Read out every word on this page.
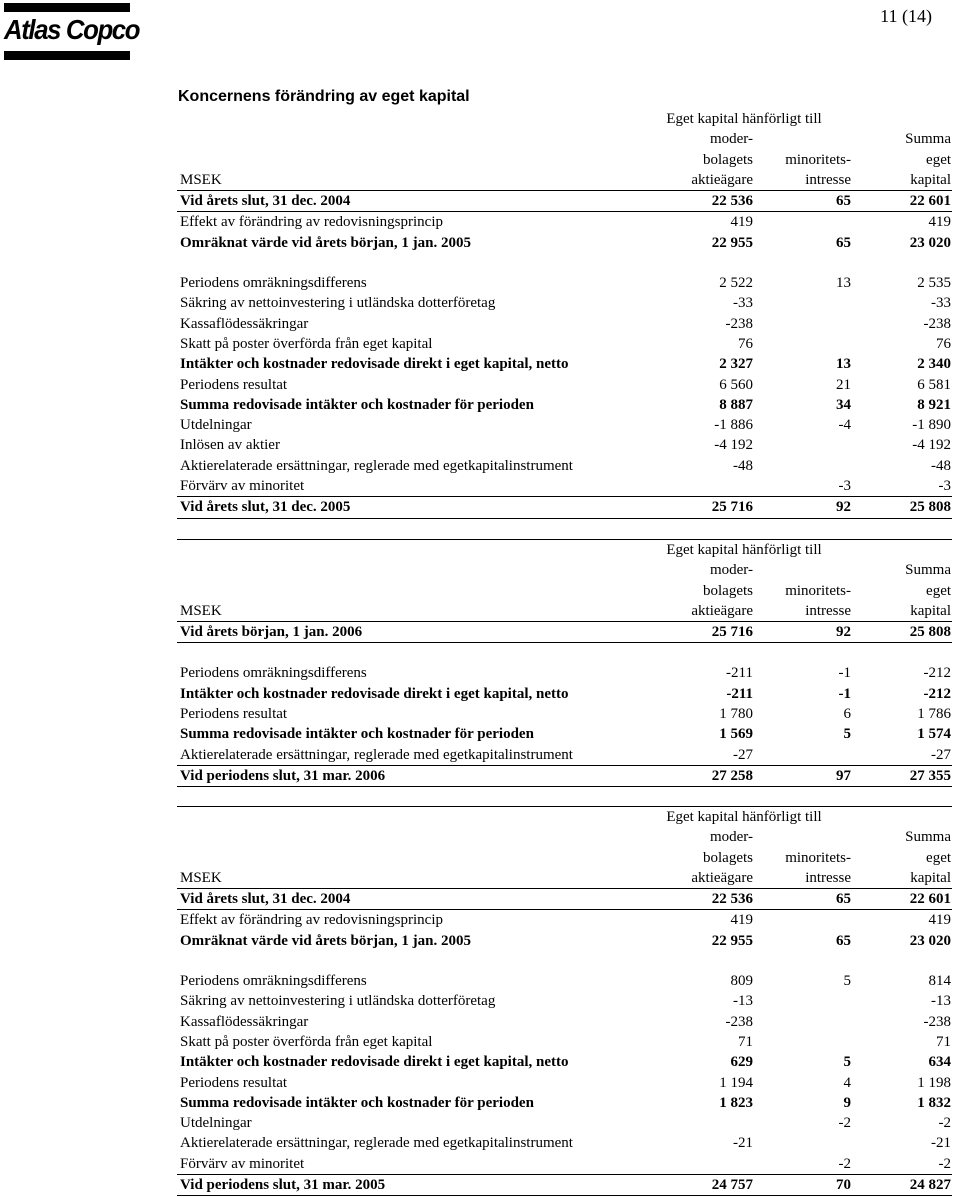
Atlas Copco	11 (14)
Koncernens förändring av eget kapital
	Eget kapital hänförligt till		
	moder-		Summa
	bolagets	minoritets-	eget
MSEK	aktieägare	intresse	kapital
Vid årets slut, 31 dec. 2004	22 536	65	22 601
Effekt av förändring av redovisningsprincip	419		419
Omräknat värde vid årets början, 1 jan. 2005	22 955	65	23 020

Periodens omräkningsdifferens	2 522	13	2 535
Säkring av nettoinvestering i utländska dotterföretag	-33		-33
Kassaflödessäkringar	-238		-238
Skatt på poster överförda från eget kapital	76		76
Intäkter och kostnader redovisade direkt i eget kapital, netto	2 327	13	2 340
Periodens resultat	6 560	21	6 581
Summa redovisade intäkter och kostnader för perioden	8 887	34	8 921
Utdelningar	-1 886	-4	-1 890
Inlösen av aktier	-4 192		-4 192
Aktierelaterade ersättningar, reglerade med egetkapitalinstrument	-48		-48
Förvärv av minoritet		-3	-3
Vid årets slut, 31 dec. 2005	25 716	92	25 808
	Eget kapital hänförligt till		
	moder-		Summa
	bolagets	minoritets-	eget
MSEK	aktieägare	intresse	kapital
Vid årets början, 1 jan. 2006	25 716	92	25 808

Periodens omräkningsdifferens	-211	-1	-212
Intäkter och kostnader redovisade direkt i eget kapital, netto	-211	-1	-212
Periodens resultat	1 780	6	1 786
Summa redovisade intäkter och kostnader för perioden	1 569	5	1 574
Aktierelaterade ersättningar, reglerade med egetkapitalinstrument	-27		-27
Vid periodens slut, 31 mar. 2006	27 258	97	27 355
	Eget kapital hänförligt till		
	moder-		Summa
	bolagets	minoritets-	eget
MSEK	aktieägare	intresse	kapital
Vid årets slut, 31 dec. 2004	22 536	65	22 601
Effekt av förändring av redovisningsprincip	419		419
Omräknat värde vid årets början, 1 jan. 2005	22 955	65	23 020

Periodens omräkningsdifferens	809	5	814
Säkring av nettoinvestering i utländska dotterföretag	-13		-13
Kassaflödessäkringar	-238		-238
Skatt på poster överförda från eget kapital	71		71
Intäkter och kostnader redovisade direkt i eget kapital, netto	629	5	634
Periodens resultat	1 194	4	1 198
Summa redovisade intäkter och kostnader för perioden	1 823	9	1 832
Utdelningar		-2	-2
Aktierelaterade ersättningar, reglerade med egetkapitalinstrument	-21		-21
Förvärv av minoritet		-2	-2
Vid periodens slut, 31 mar. 2005	24 757	70	24 827
